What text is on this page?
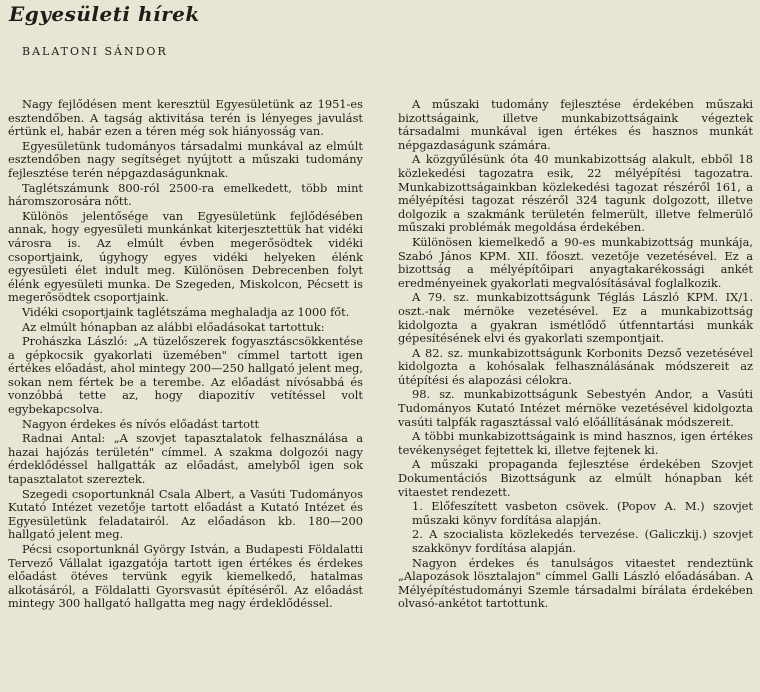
Egyesületi hírek
BALATONI SÁNDOR

Nagy fejlődésen ment keresztül Egyesületünk az 1951-es esztendőben. A tagság aktivitása terén is lényeges javulást értünk el, habár ezen a téren még sok hiányosság van.

Egyesületünk tudományos társadalmi munkával az elmúlt esztendőben nagy segítséget nyújtott a műszaki tudomány fejlesztése terén népgazdaságunknak.

Taglétszámunk 800-ról 2500-ra emelkedett, több mint háromszorosára nőtt.

Különös jelentősége van Egyesületünk fejlődésében annak, hogy egyesületi munkánkat kiterjesztettük hat vidéki városra is. Az elmúlt évben megerősödtek vidéki csoportjaink, úgyhogy egyes vidéki helyeken élénk egyesületi élet indult meg. Különösen Debrecenben folyt élénk egyesületi munka. De Szegeden, Miskolcon, Pécsett is megerősödtek csoportjaink.

Vidéki csoportjaink taglétszáma meghaladja az 1000 főt.

Az elmúlt hónapban az alábbi előadásokat tartottuk:

Prohászka László: „A tüzelőszerek fogyasztáscsökkentése a gépkocsik gyakorlati üzemében" címmel tartott igen értékes előadást, ahol mintegy 200—250 hallgató jelent meg, sokan nem fértek be a terembe. Az előadást nívósabbá és vonzóbbá tette az, hogy diapozitív vetítéssel volt egybekapcsolva.

Nagyon érdekes és nívós előadást tartott

Radnai Antal: „A szovjet tapasztalatok felhasználása a hazai hajózás területén" címmel. A szakma dolgozói nagy érdeklődéssel hallgatták az előadást, amelyből igen sok tapasztalatot szereztek.

Szegedi csoportunknál Csala Albert, a Vasúti Tudományos Kutató Intézet vezetője tartott előadást a Kutató Intézet és Egyesületünk feladatairól. Az előadáson kb. 180—200 hallgató jelent meg.

Pécsi csoportunknál György István, a Budapesti Földalatti Tervező Vállalat igazgatója tartott igen értékes és érdekes előadást ötéves tervünk egyik kiemelkedő, hatalmas alkotásáról, a Földalatti Gyorsvasút építéséről. Az előadást mintegy 300 hallgató hallgatta meg nagy érdeklődéssel.

A műszaki tudomány fejlesztése érdekében műszaki bizottságaink, illetve munkabizottságaink végeztek társadalmi munkával igen értékes és hasznos munkát népgazdaságunk számára.

A közgyűlésünk óta 40 munkabizottság alakult, ebből 18 közlekedési tagozatra esik, 22 mélyépítési tagozatra. Munkabizottságainkban közlekedési tagozat részéről 161, a mélyépítési tagozat részéről 324 tagunk dolgozott, illetve dolgozik a szakmánk területén felmerült, illetve felmerülő műszaki problémák megoldása érdekében.

Különösen kiemelkedő a 90-es munkabizottság munkája, Szabó János KPM. XII. főoszt. vezetője vezetésével. Ez a bizottság a mélyépítőipari anyagtakarékossági ankét eredményeinek gyakorlati megvalósításával foglalkozik.

A 79. sz. munkabizottságunk Téglás László KPM. IX/1. oszt.-nak mérnöke vezetésével. Ez a munkabizottság kidolgozta a gyakran ismétlődő útfenntartási munkák gépesítésének elvi és gyakorlati szempontjait.

A 82. sz. munkabizottságunk Korbonits Dezső vezetésével kidolgozta a kohósalak felhasználásának módszereit az útépítési és alapozási célokra.

98. sz. munkabizottságunk Sebestyén Andor, a Vasúti Tudományos Kutató Intézet mérnöke vezetésével kidolgozta vasúti talpfák ragasztással való előállításának módszereit.

A többi munkabizottságaink is mind hasznos, igen értékes tevékenységet fejtettek ki, illetve fejtenek ki.

A műszaki propaganda fejlesztése érdekében Szovjet Dokumentációs Bizottságunk az elmúlt hónapban két vitaestet rendezett.

1. Előfeszített vasbeton csövek. (Popov A. M.) szovjet műszaki könyv fordítása alapján.
2. A szocialista közlekedés tervezése. (Galiczkij.) szovjet szakkönyv fordítása alapján.

Nagyon érdekes és tanulságos vitaestet rendeztünk „Alapozások lösztalajon" címmel Galli László előadásában. A Mélyépítéstudományi Szemle társadalmi bírálata érdekében olvasó-ankétot tartottunk.
